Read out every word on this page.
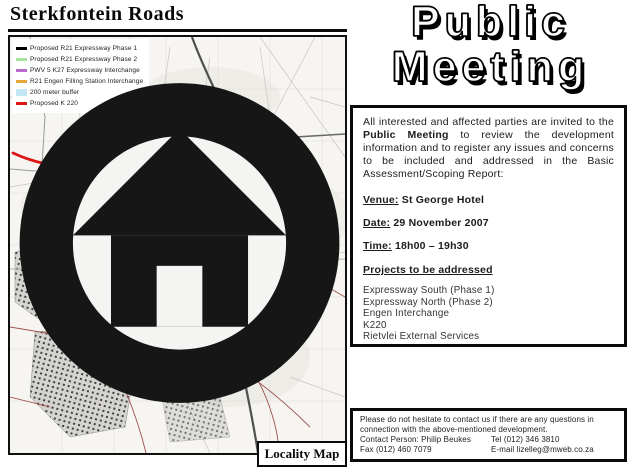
Sterkfontein Roads
Proposed R21 Expressway Phase 1
Proposed R21 Expressway Phase 2
PWV 5 K27 Expressway Interchange
R21 Engen Filling Station Interchange
200 meter buffer
Proposed K 220
Locality Map
Public
Meeting

All interested and affected parties are invited to the Public Meeting to review the development information and to register any issues and concerns to be included and addressed in the Basic Assessment/Scoping Report:

Venue: St George Hotel
Date: 29 November 2007
Time: 18h00 – 19h30
Projects to be addressed
Expressway South (Phase 1)
Expressway North (Phase 2)
Engen Interchange
K220
Rietvlei External Services
Please do not hesitate to contact us if there are any questions in connection with the above-mentioned development.
Contact Person: Philip Beukes	Tel (012) 346 3810
Fax (012) 460 7079	E-mail lizelleg@mweb.co.za
